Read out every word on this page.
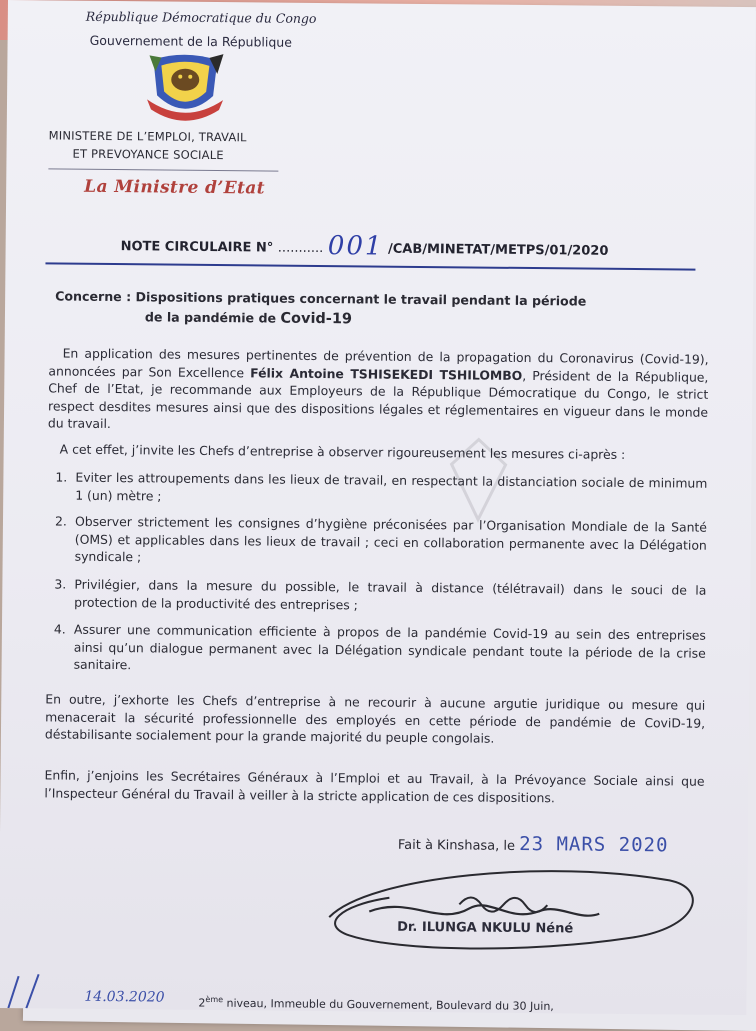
République Démocratique du Congo
Gouvernement de la République
MINISTERE DE L’EMPLOI, TRAVAIL
ET PREVOYANCE SOCIALE
La Ministre d’Etat
NOTE CIRCULAIRE N° ........... 001 /CAB/MINETAT/METPS/01/2020
Concerne : Dispositions pratiques concernant le travail pendant la période
de la pandémie de Covid-19
En application des mesures pertinentes de prévention de la propagation du Coronavirus (Covid-19), annoncées par Son Excellence Félix Antoine TSHISEKEDI TSHILOMBO, Président de la République, Chef de l’Etat, je recommande aux Employeurs de la République Démocratique du Congo, le strict respect desdites mesures ainsi que des dispositions légales et réglementaires en vigueur dans le monde du travail.
A cet effet, j’invite les Chefs d’entreprise à observer rigoureusement les mesures ci-après :
1. Eviter les attroupements dans les lieux de travail, en respectant la distanciation sociale de minimum 1 (un) mètre ;
2. Observer strictement les consignes d’hygiène préconisées par l’Organisation Mondiale de la Santé (OMS) et applicables dans les lieux de travail ; ceci en collaboration permanente avec la Délégation syndicale ;
3. Privilégier, dans la mesure du possible, le travail à distance (télétravail) dans le souci de la protection de la productivité des entreprises ;
4. Assurer une communication efficiente à propos de la pandémie Covid-19 au sein des entreprises ainsi qu’un dialogue permanent avec la Délégation syndicale pendant toute la période de la crise sanitaire.
En outre, j’exhorte les Chefs d’entreprise à ne recourir à aucune argutie juridique ou mesure qui menacerait la sécurité professionnelle des employés en cette période de pandémie de CoviD-19, déstabilisante socialement pour la grande majorité du peuple congolais.
Enfin, j’enjoins les Secrétaires Généraux à l’Emploi et au Travail, à la Prévoyance Sociale ainsi que l’Inspecteur Général du Travail à veiller à la stricte application de ces dispositions.
Fait à Kinshasa, le 23 MARS 2020
Dr. ILUNGA NKULU Néné
14.03.2020	2ème niveau, Immeuble du Gouvernement, Boulevard du 30 Juin,
